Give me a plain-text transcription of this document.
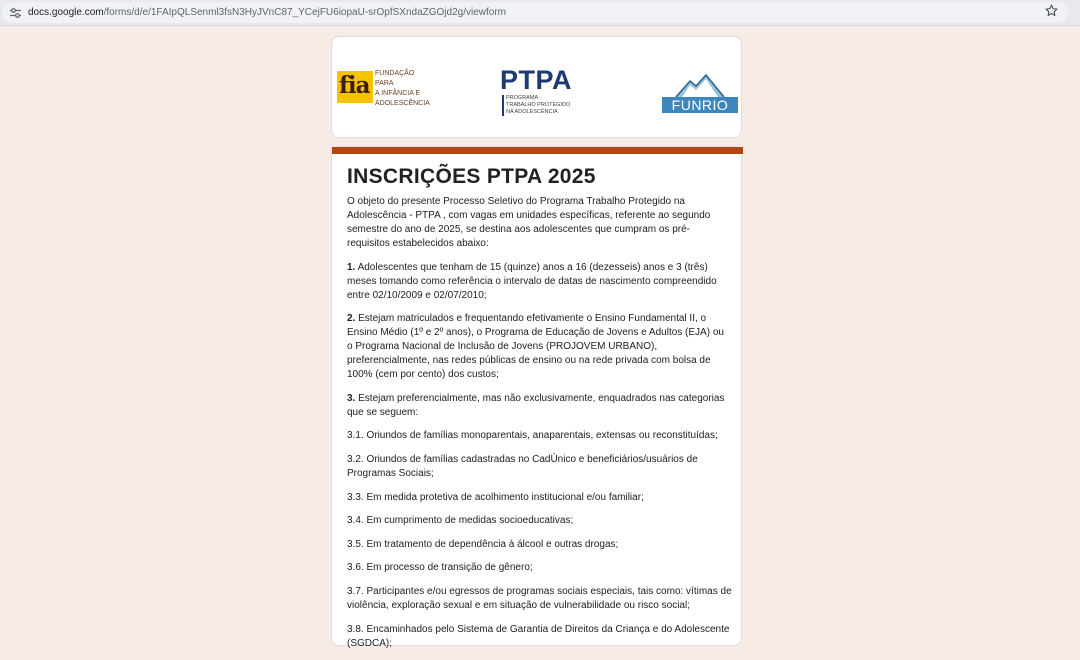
docs.google.com/forms/d/e/1FAIpQLSenml3fsN3HyJVnC87_YCejFU6iopaU-srOpfSXndaZGOjd2g/viewform
fia FUNDAÇÃO PARA
A INFÂNCIA E
ADOLESCÊNCIA
PTPA
PROGRAMA
TRABALHO PROTEGIDO
NA ADOLESCÊNCIA	FUNRIO
INSCRIÇÕES PTPA 2025

O objeto do presente Processo Seletivo do Programa Trabalho Protegido na Adolescência - PTPA , com vagas em unidades específicas, referente ao segundo semestre do ano de 2025, se destina aos adolescentes que cumpram os pré-requisitos estabelecidos abaixo:

1. Adolescentes que tenham de 15 (quinze) anos a 16 (dezesseis) anos e 3 (três) meses tomando como referência o intervalo de datas de nascimento compreendido entre 02/10/2009 e 02/07/2010;

2. Estejam matriculados e frequentando efetivamente o Ensino Fundamental II, o Ensino Médio (1º e 2º anos), o Programa de Educação de Jovens e Adultos (EJA) ou o Programa Nacional de Inclusão de Jovens (PROJOVEM URBANO), preferencialmente, nas redes públicas de ensino ou na rede privada com bolsa de 100% (cem por cento) dos custos;

3. Estejam preferencialmente, mas não exclusivamente, enquadrados nas categorias que se seguem:

3.1. Oriundos de famílias monoparentais, anaparentais, extensas ou reconstituídas;

3.2. Oriundos de famílias cadastradas no CadÚnico e beneficiários/usuários de Programas Sociais;

3.3. Em medida protetiva de acolhimento institucional e/ou familiar;

3.4. Em cumprimento de medidas socioeducativas;

3.5. Em tratamento de dependência à álcool e outras drogas;

3.6. Em processo de transição de gênero;

3.7. Participantes e/ou egressos de programas sociais especiais, tais como: vítimas de violência, exploração sexual e em situação de vulnerabilidade ou risco social;

3.8. Encaminhados pelo Sistema de Garantia de Direitos da Criança e do Adolescente (SGDCA);
